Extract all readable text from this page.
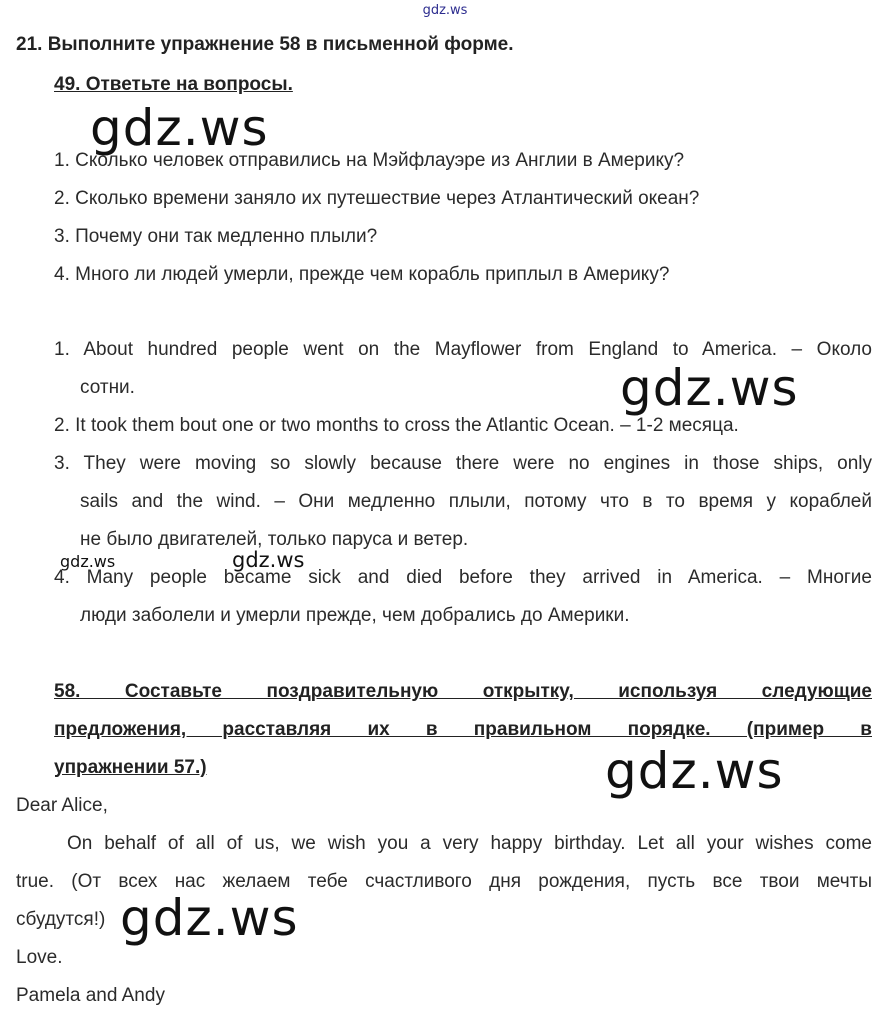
gdz.ws
21. Выполните упражнение 58 в письменной форме.
49. Ответьте на вопросы.
gdz.ws
1. Сколько человек отправились на Мэйфлауэре из Англии в Америку?
2. Сколько времени заняло их путешествие через Атлантический океан?
3. Почему они так медленно плыли?
4. Много ли людей умерли, прежде чем корабль приплыл в Америку?
1. About hundred people went on the Mayflower from England to America. – Около
сотни.	gdz.ws
2. It took them bout one or two months to cross the Atlantic Ocean. – 1-2 месяца.
3. They were moving so slowly because there were no engines in those ships, only
sails and the wind. – Они медленно плыли, потому что в то время у кораблей
не было двигателей, только паруса и ветер.
gdz.ws	gdz.ws
4. Many people became sick and died before they arrived in America. – Многие
люди заболели и умерли прежде, чем добрались до Америки.
58. Составьте поздравительную открытку, используя следующие
предложения, расставляя их в правильном порядке. (пример в
упражнении 57.)	gdz.ws
Dear Alice,
On behalf of all of us, we wish you a very happy birthday. Let all your wishes come
true. (От всех нас желаем тебе счастливого дня рождения, пусть все твои мечты
сбудутся!) gdz.ws
Love.
Pamela and Andy
